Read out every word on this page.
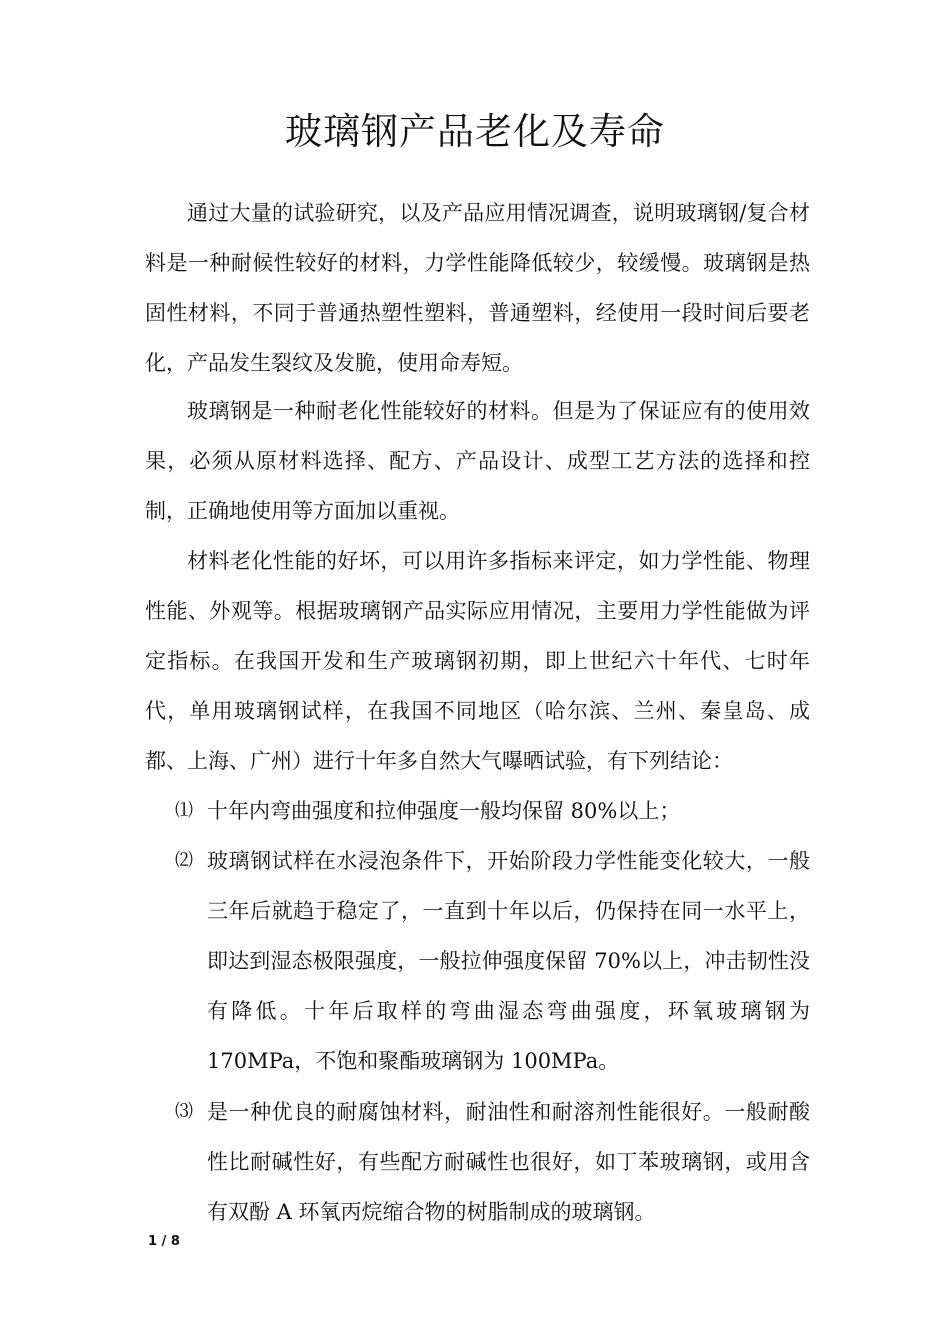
玻璃钢产品老化及寿命

通过大量的试验研究，以及产品应用情况调查，说明玻璃钢/复合材料是一种耐候性较好的材料，力学性能降低较少，较缓慢。玻璃钢是热固性材料，不同于普通热塑性塑料，普通塑料，经使用一段时间后要老化，产品发生裂纹及发脆，使用命寿短。

玻璃钢是一种耐老化性能较好的材料。但是为了保证应有的使用效果，必须从原材料选择、配方、产品设计、成型工艺方法的选择和控制，正确地使用等方面加以重视。

材料老化性能的好坏，可以用许多指标来评定，如力学性能、物理性能、外观等。根据玻璃钢产品实际应用情况，主要用力学性能做为评定指标。在我国开发和生产玻璃钢初期，即上世纪六十年代、七时年代，单用玻璃钢试样，在我国不同地区（哈尔滨、兰州、秦皇岛、成都、上海、广州）进行十年多自然大气曝晒试验，有下列结论：

⑴ 十年内弯曲强度和拉伸强度一般均保留 80%以上；
⑵ 玻璃钢试样在水浸泡条件下，开始阶段力学性能变化较大，一般三年后就趋于稳定了，一直到十年以后，仍保持在同一水平上，即达到湿态极限强度，一般拉伸强度保留 70%以上，冲击韧性没有降低。十年后取样的弯曲湿态弯曲强度，环氧玻璃钢为 170MPa，不饱和聚酯玻璃钢为 100MPa。
⑶ 是一种优良的耐腐蚀材料，耐油性和耐溶剂性能很好。一般耐酸性比耐碱性好，有些配方耐碱性也很好，如丁苯玻璃钢，或用含有双酚 A 环氧丙烷缩合物的树脂制成的玻璃钢。
1 / 8
